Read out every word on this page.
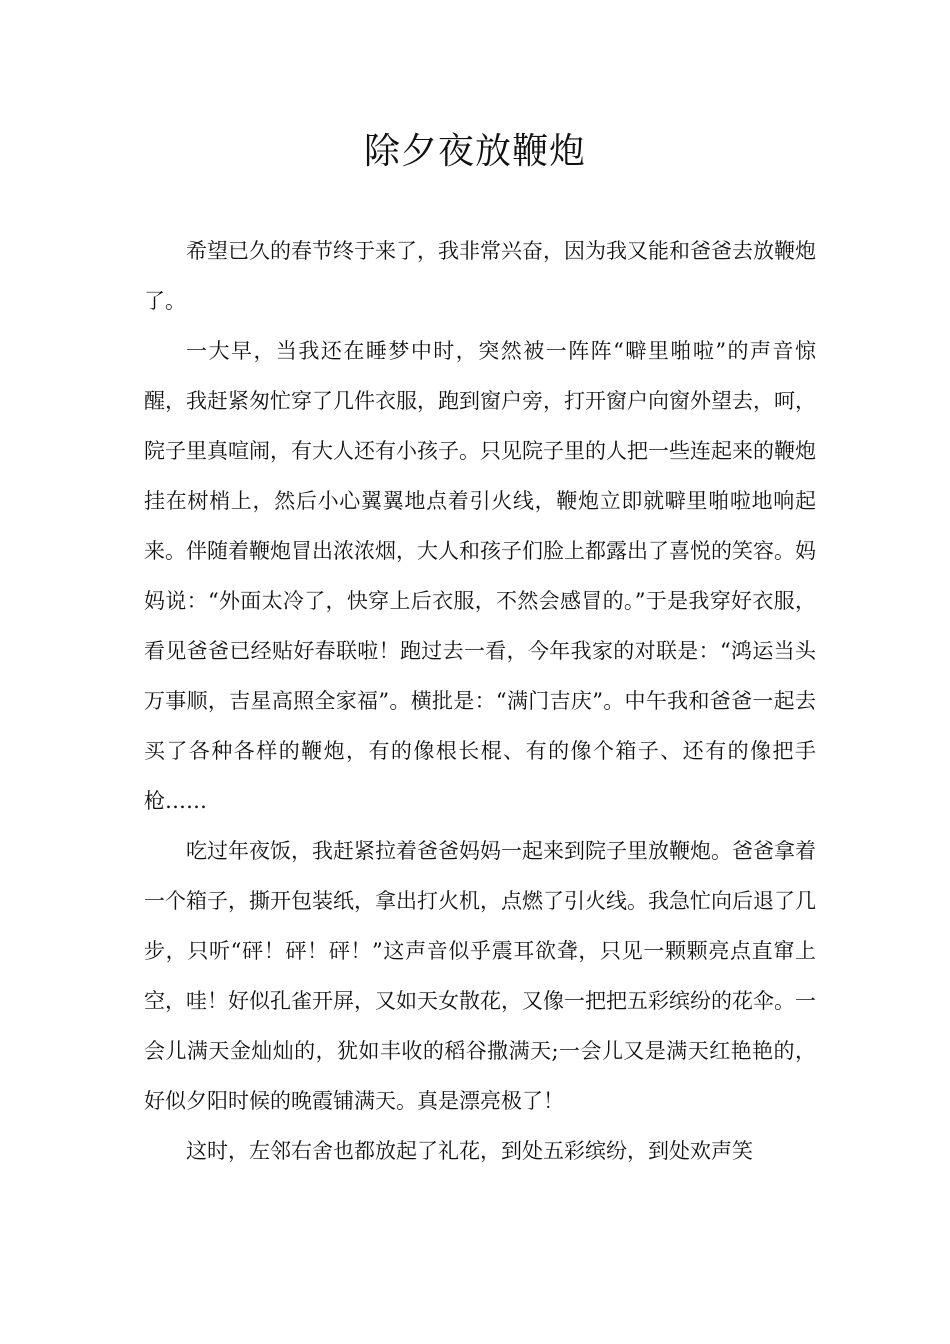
除夕夜放鞭炮

希望已久的春节终于来了，我非常兴奋，因为我又能和爸爸去放鞭炮了。

一大早，当我还在睡梦中时，突然被一阵阵“噼里啪啦”的声音惊醒，我赶紧匆忙穿了几件衣服，跑到窗户旁，打开窗户向窗外望去，呵，院子里真喧闹，有大人还有小孩子。只见院子里的人把一些连起来的鞭炮挂在树梢上，然后小心翼翼地点着引火线，鞭炮立即就噼里啪啦地响起来。伴随着鞭炮冒出浓浓烟，大人和孩子们脸上都露出了喜悦的笑容。妈妈说：“外面太冷了，快穿上后衣服，不然会感冒的。”于是我穿好衣服，看见爸爸已经贴好春联啦！跑过去一看，今年我家的对联是：“鸿运当头万事顺，吉星高照全家福”。横批是：“满门吉庆”。中午我和爸爸一起去买了各种各样的鞭炮，有的像根长棍、有的像个箱子、还有的像把手枪……

吃过年夜饭，我赶紧拉着爸爸妈妈一起来到院子里放鞭炮。爸爸拿着一个箱子，撕开包装纸，拿出打火机，点燃了引火线。我急忙向后退了几步，只听“砰！砰！砰！”这声音似乎震耳欲聋，只见一颗颗亮点直窜上空，哇！好似孔雀开屏，又如天女散花，又像一把把五彩缤纷的花伞。一会儿满天金灿灿的，犹如丰收的稻谷撒满天;一会儿又是满天红艳艳的，好似夕阳时候的晚霞铺满天。真是漂亮极了！

这时，左邻右舍也都放起了礼花，到处五彩缤纷，到处欢声笑
